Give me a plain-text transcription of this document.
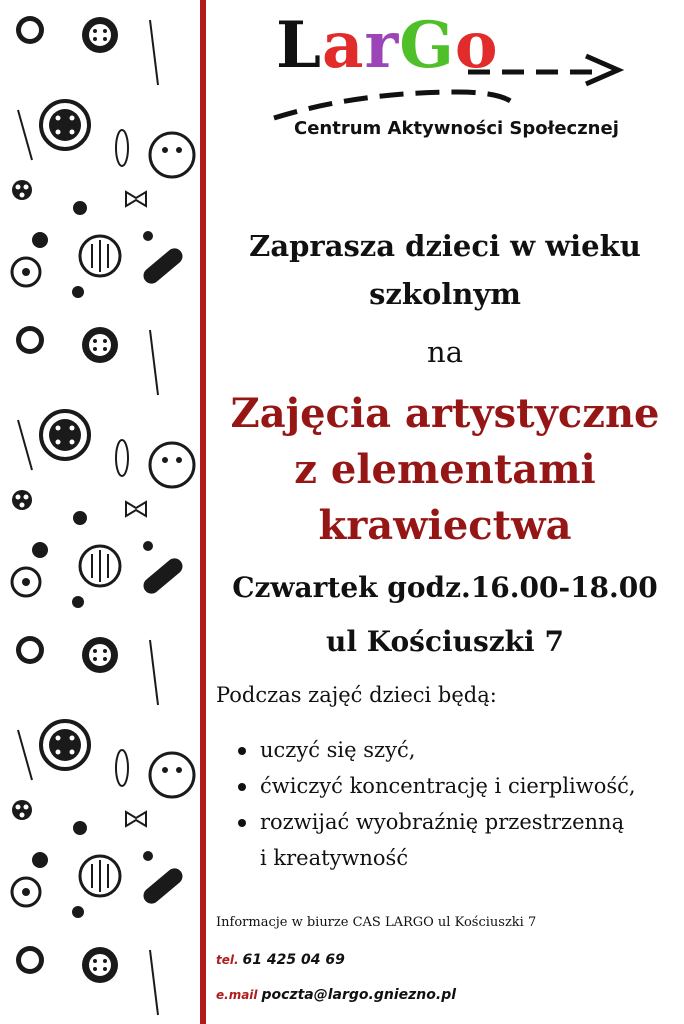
LarGo
Centrum Aktywności Społecznej
Zaprasza dzieci w wieku
szkolnym
na
Zajęcia artystyczne
z elementami
krawiectwa
Czwartek godz.16.00-18.00
ul Kościuszki 7
Podczas zajęć dzieci będą:
uczyć się szyć,
ćwiczyć koncentrację i cierpliwość,
rozwijać wyobraźnię przestrzenną
i kreatywność
Informacje w biurze CAS LARGO ul Kościuszki 7
tel. 61 425 04 69
e.mail poczta@largo.gniezno.pl
